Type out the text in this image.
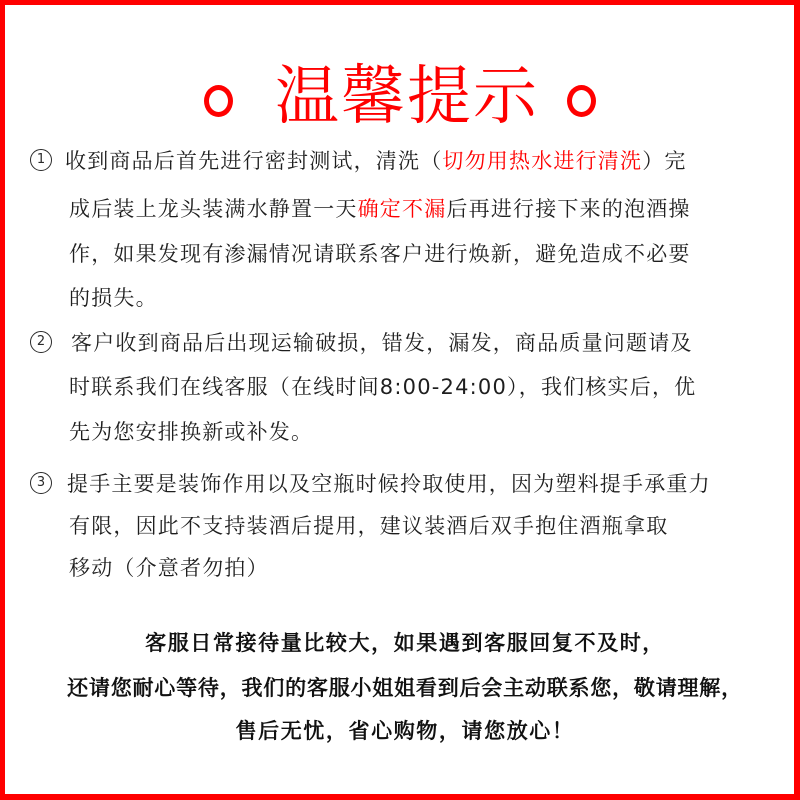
温馨提示
1 收到商品后首先进行密封测试，清洗（切勿用热水进行清洗）完
成后装上龙头装满水静置一天确定不漏后再进行接下来的泡酒操
作，如果发现有渗漏情况请联系客户进行焕新，避免造成不必要
的损失。
2	客户收到商品后出现运输破损，错发，漏发，商品质量问题请及
时联系我们在线客服（在线时间8:00-24:00），我们核实后，优
先为您安排换新或补发。
3	提手主要是装饰作用以及空瓶时候拎取使用，因为塑料提手承重力
有限，因此不支持装酒后提用，建议装酒后双手抱住酒瓶拿取
移动（介意者勿拍）
客服日常接待量比较大，如果遇到客服回复不及时，
还请您耐心等待，我们的客服小姐姐看到后会主动联系您，敬请理解，
售后无忧，省心购物，请您放心！
